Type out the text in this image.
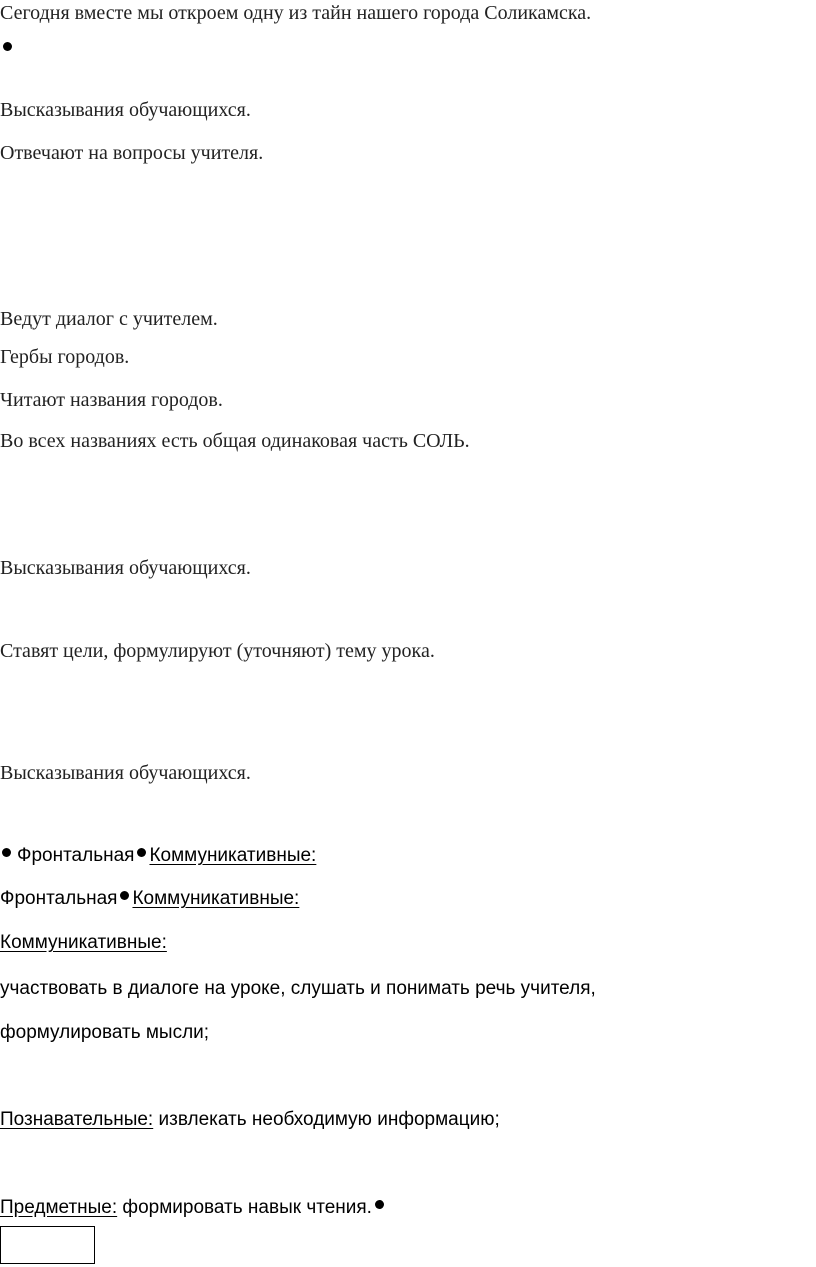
Сегодня вместе мы откроем одну из тайн нашего города Соликамска.
Высказывания обучающихся.
Отвечают на вопросы учителя.
Ведут диалог с учителем.
Гербы городов.
Читают названия городов.
Во всех названиях есть общая одинаковая часть СОЛЬ.
Высказывания обучающихся.
Ставят цели, формулируют (уточняют) тему урока.
Высказывания обучающихся.
Фронтальная Коммуникативные:
Фронтальная Коммуникативные:
Коммуникативные:
участвовать в диалоге на уроке, слушать и понимать речь учителя,
формулировать мысли;
Познавательные: извлекать необходимую информацию;
Предметные: формировать навык чтения.
